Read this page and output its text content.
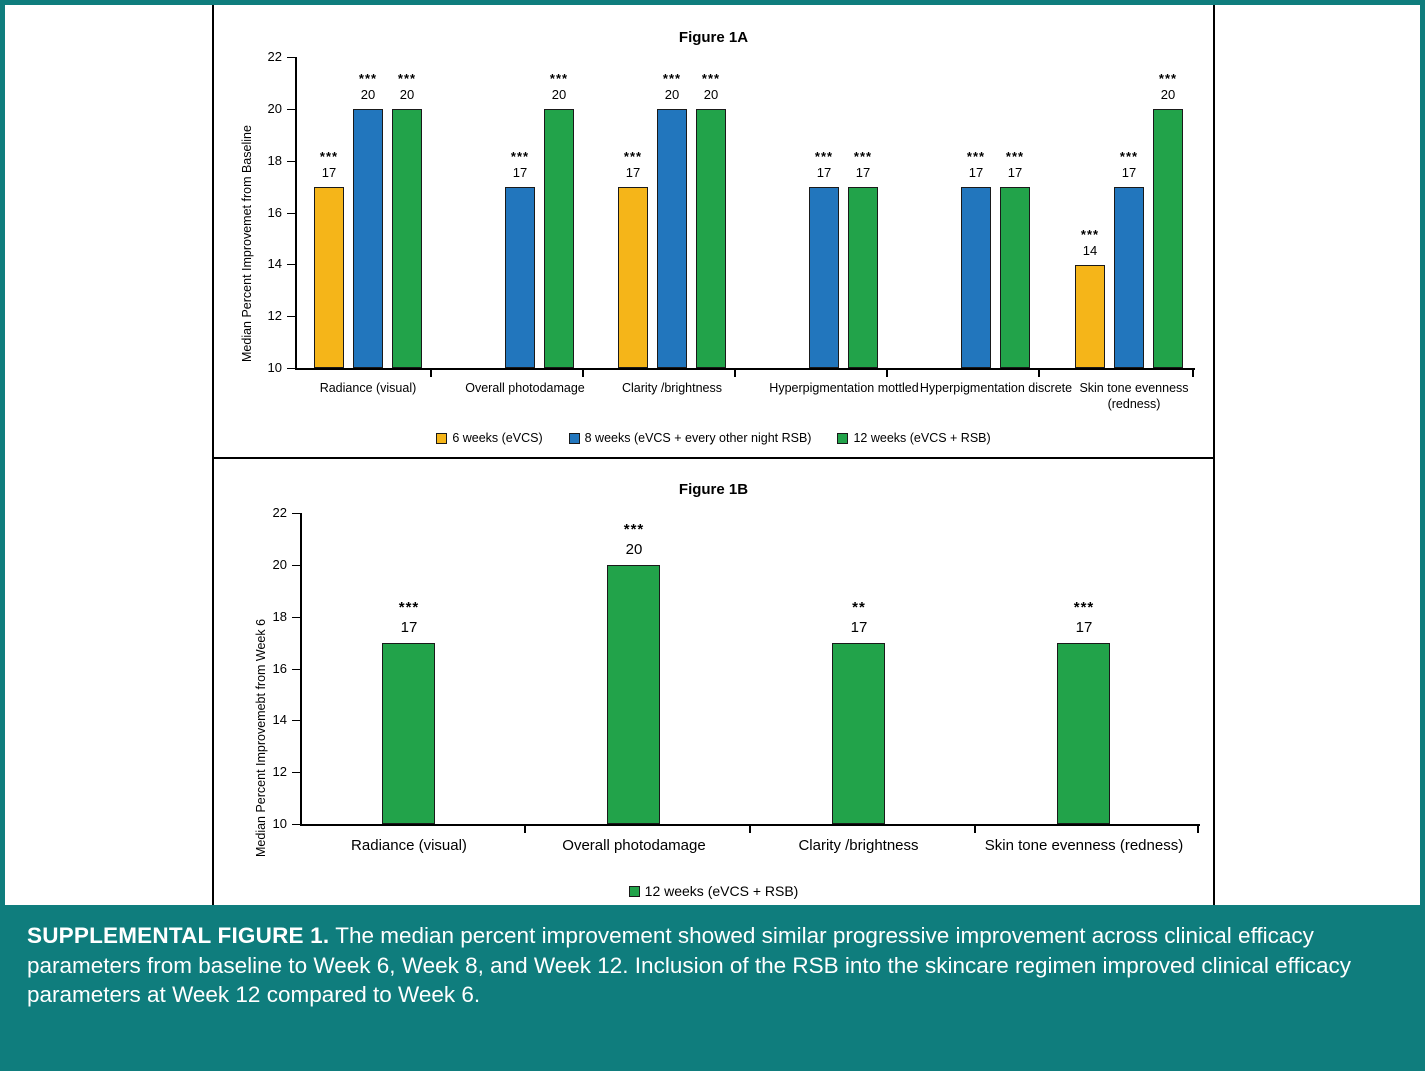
Figure 1A
Median Percent Improvemet from Baseline
10
12
14
16
18
20
22
17
***
20
***
20
***
Radiance (visual)
17
***
20
***
Overall photodamage
17
***
20
***
20
***
Clarity /brightness
17
***
17
***
Hyperpigmentation mottled
17
***
17
***
Hyperpigmentation discrete
14
***
17
***
20
***
Skin tone evenness
(redness)
6 weeks (eVCS)	8 weeks (eVCS + every other night RSB)	12 weeks (eVCS + RSB)
Figure 1B
Median Percent Improvemebt from Week 6 10
12
14
16
18
20
22
17
***
Radiance (visual)
20
***
Overall photodamage
17
**
Clarity /brightness
17
***
Skin tone evenness (redness)
12 weeks (eVCS + RSB)
SUPPLEMENTAL FIGURE 1. The median percent improvement showed similar progressive improvement across clinical efficacy parameters from baseline to Week 6, Week 8, and Week 12. Inclusion of the RSB into the skincare regimen improved clinical efficacy parameters at Week 12 compared to Week 6.
